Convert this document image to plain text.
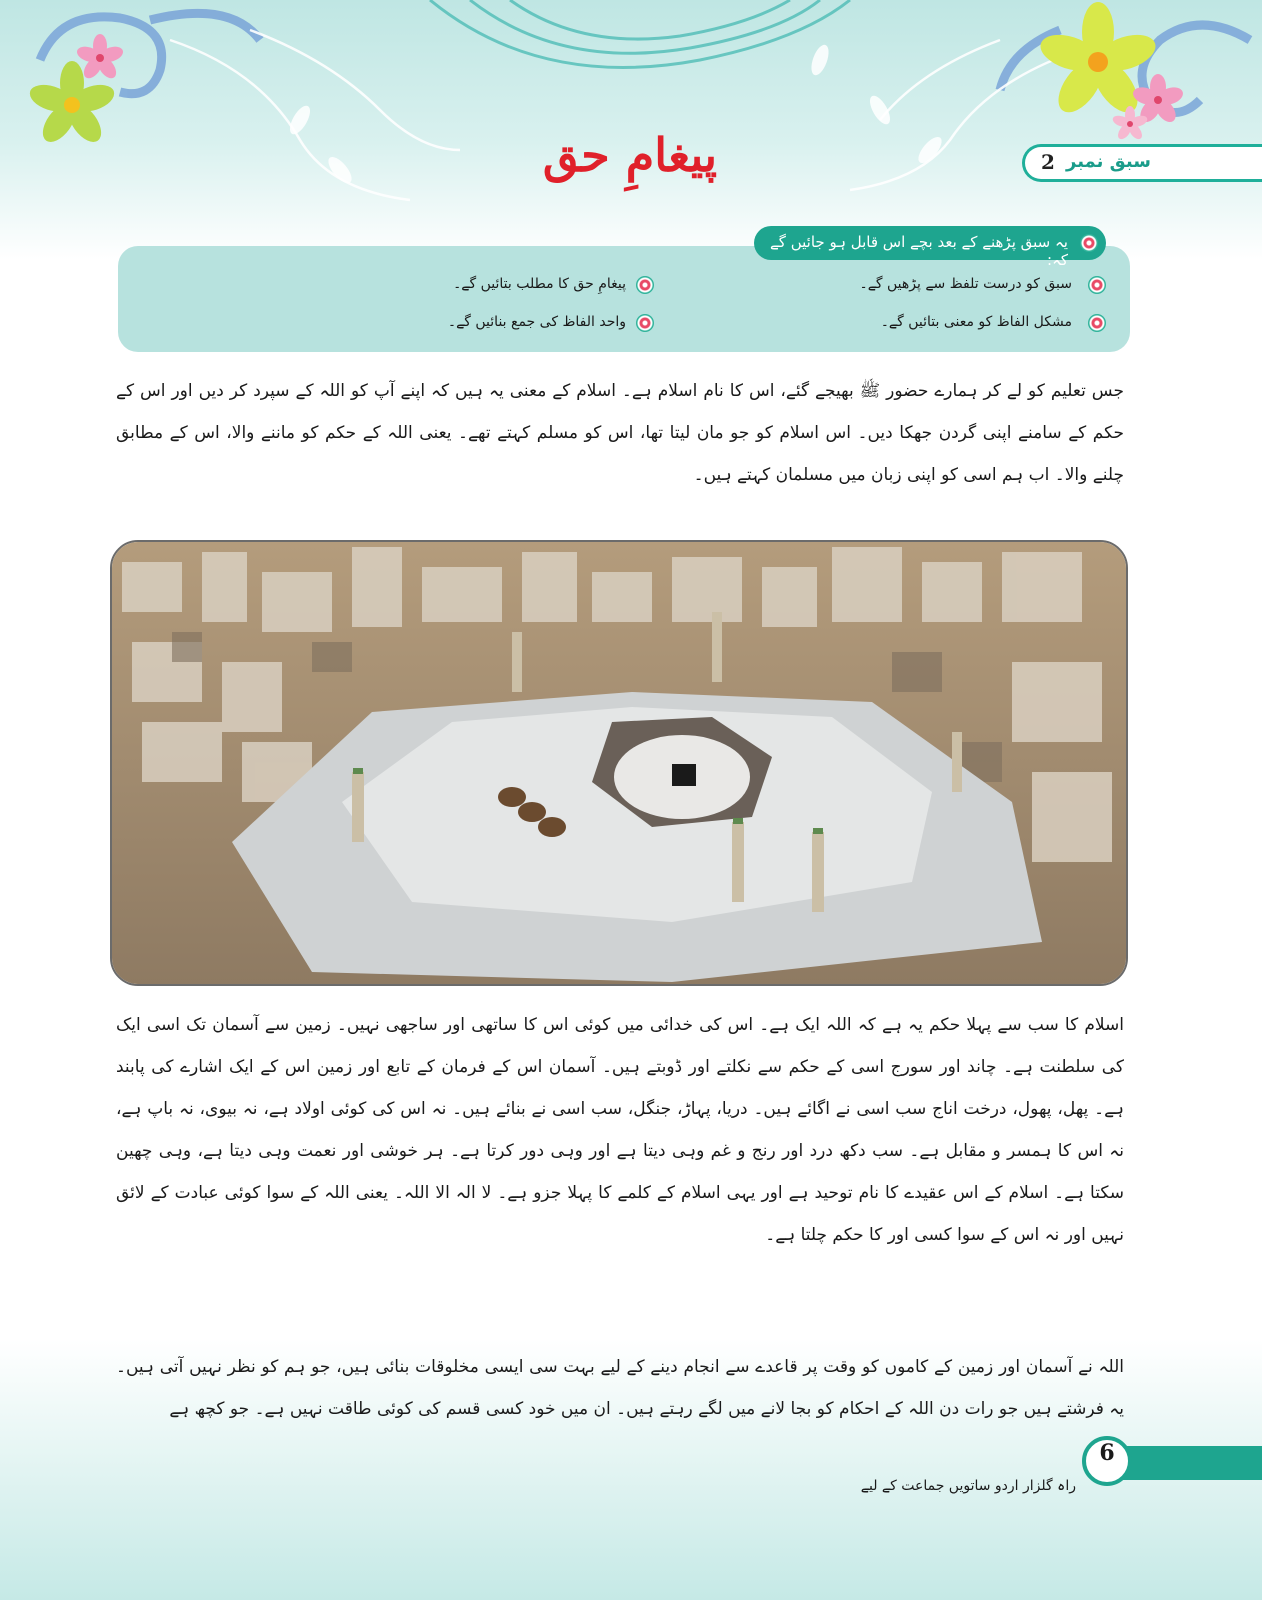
2 سبق نمبر
پیغامِ حق
یہ سبق پڑھنے کے بعد بچے اس قابل ہو جائیں گے کہ:
سبق کو درست تلفظ سے پڑھیں گے۔
پیغامِ حق کا مطلب بتائیں گے۔
مشکل الفاظ کو معنی بتائیں گے۔
واحد الفاظ کی جمع بنائیں گے۔

جس تعلیم کو لے کر ہمارے حضور ﷺ بھیجے گئے، اس کا نام اسلام ہے۔ اسلام کے معنی یہ ہیں کہ اپنے آپ کو اللہ کے سپرد کر دیں اور اس کے حکم کے سامنے اپنی گردن جھکا دیں۔ اس اسلام کو جو مان لیتا تھا، اس کو مسلم کہتے تھے۔ یعنی اللہ کے حکم کو ماننے والا، اس کے مطابق چلنے والا۔ اب ہم اسی کو اپنی زبان میں مسلمان کہتے ہیں۔

اسلام کا سب سے پہلا حکم یہ ہے کہ اللہ ایک ہے۔ اس کی خدائی میں کوئی اس کا ساتھی اور ساجھی نہیں۔ زمین سے آسمان تک اسی ایک کی سلطنت ہے۔ چاند اور سورج اسی کے حکم سے نکلتے اور ڈوبتے ہیں۔ آسمان اس کے فرمان کے تابع اور زمین اس کے ایک اشارے کی پابند ہے۔ پھل، پھول، درخت اناج سب اسی نے اگائے ہیں۔ دریا، پہاڑ، جنگل، سب اسی نے بنائے ہیں۔ نہ اس کی کوئی اولاد ہے، نہ بیوی، نہ باپ ہے، نہ اس کا ہمسر و مقابل ہے۔ سب دکھ درد اور رنج و غم وہی دیتا ہے اور وہی دور کرتا ہے۔ ہر خوشی اور نعمت وہی دیتا ہے، وہی چھین سکتا ہے۔ اسلام کے اس عقیدے کا نام توحید ہے اور یہی اسلام کے کلمے کا پہلا جزو ہے۔ لا الہ الا اللہ۔ یعنی اللہ کے سوا کوئی عبادت کے لائق نہیں اور نہ اس کے سوا کسی اور کا حکم چلتا ہے۔

اللہ نے آسمان اور زمین کے کاموں کو وقت پر قاعدے سے انجام دینے کے لیے بہت سی ایسی مخلوقات بنائی ہیں، جو ہم کو نظر نہیں آتی ہیں۔ یہ فرشتے ہیں جو رات دن اللہ کے احکام کو بجا لانے میں لگے رہتے ہیں۔ ان میں خود کسی قسم کی کوئی طاقت نہیں ہے۔ جو کچھ ہے

6
راہ گلزار اردو ساتویں جماعت کے لیے
